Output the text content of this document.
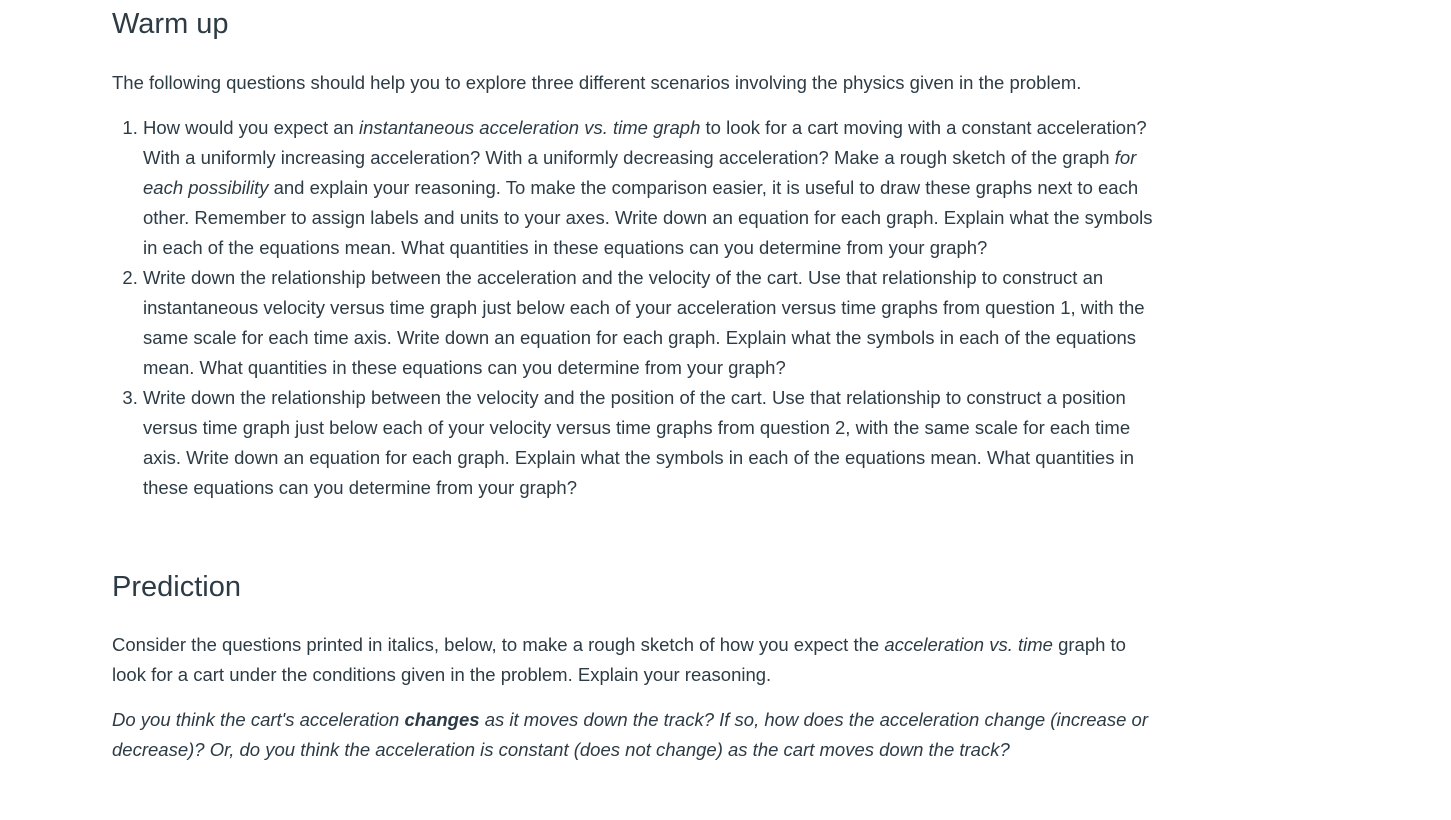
Warm up

The following questions should help you to explore three different scenarios involving the physics given in the problem.

1. How would you expect an instantaneous acceleration vs. time graph to look for a cart moving with a constant acceleration? With a uniformly increasing acceleration? With a uniformly decreasing acceleration? Make a rough sketch of the graph for each possibility and explain your reasoning. To make the comparison easier, it is useful to draw these graphs next to each other. Remember to assign labels and units to your axes. Write down an equation for each graph. Explain what the symbols in each of the equations mean. What quantities in these equations can you determine from your graph?
2. Write down the relationship between the acceleration and the velocity of the cart. Use that relationship to construct an instantaneous velocity versus time graph just below each of your acceleration versus time graphs from question 1, with the same scale for each time axis. Write down an equation for each graph. Explain what the symbols in each of the equations mean. What quantities in these equations can you determine from your graph?
3. Write down the relationship between the velocity and the position of the cart. Use that relationship to construct a position versus time graph just below each of your velocity versus time graphs from question 2, with the same scale for each time axis. Write down an equation for each graph. Explain what the symbols in each of the equations mean. What quantities in these equations can you determine from your graph?
Prediction

Consider the questions printed in italics, below, to make a rough sketch of how you expect the acceleration vs. time graph to look for a cart under the conditions given in the problem. Explain your reasoning.

Do you think the cart's acceleration changes as it moves down the track? If so, how does the acceleration change (increase or decrease)? Or, do you think the acceleration is constant (does not change) as the cart moves down the track?
